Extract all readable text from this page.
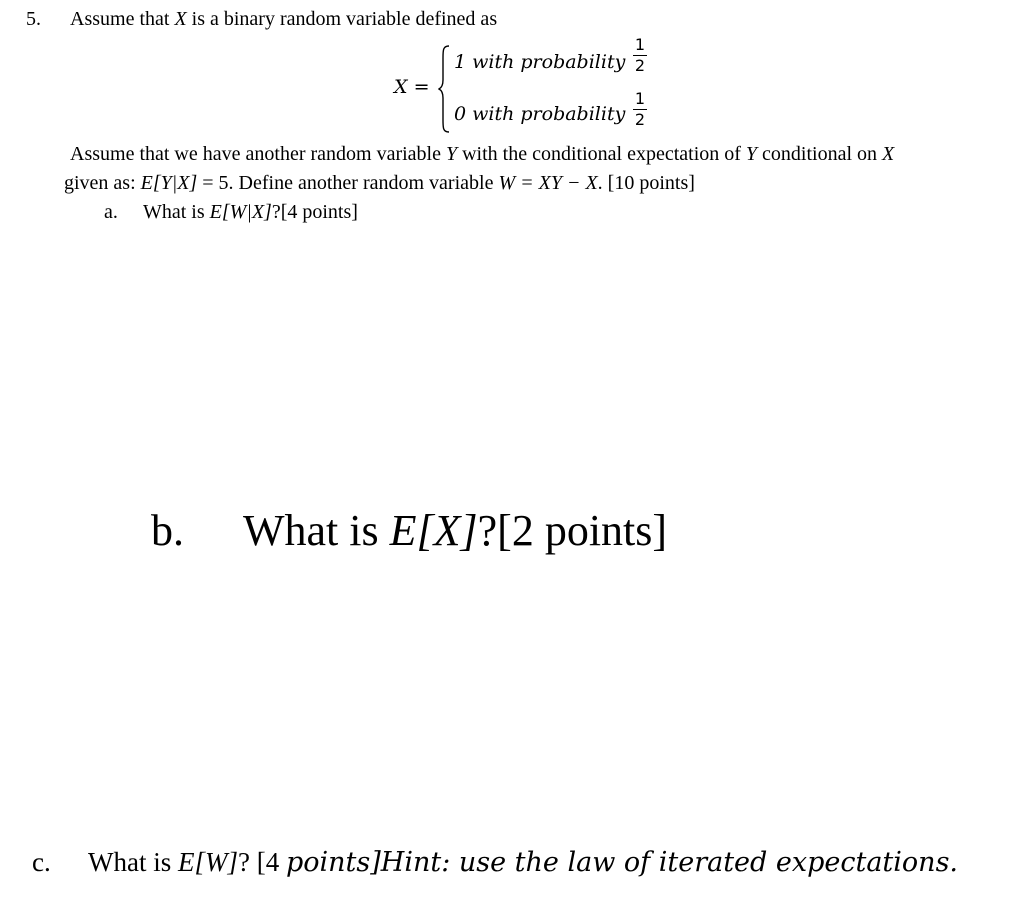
5. Assume that X is a binary random variable defined as
X =
1 with probability
1
2
0 with probability
1
2
Assume that we have another random variable Y with the conditional expectation of Y conditional on X
given as: E[Y|X] = 5. Define another random variable W = XY − X. [10 points]
a. What is E[W|X]?[4 points]
b. What is E[X]?[2 points]
c. What is E[W]? [4 points]Hint: use the law of iterated expectations.
